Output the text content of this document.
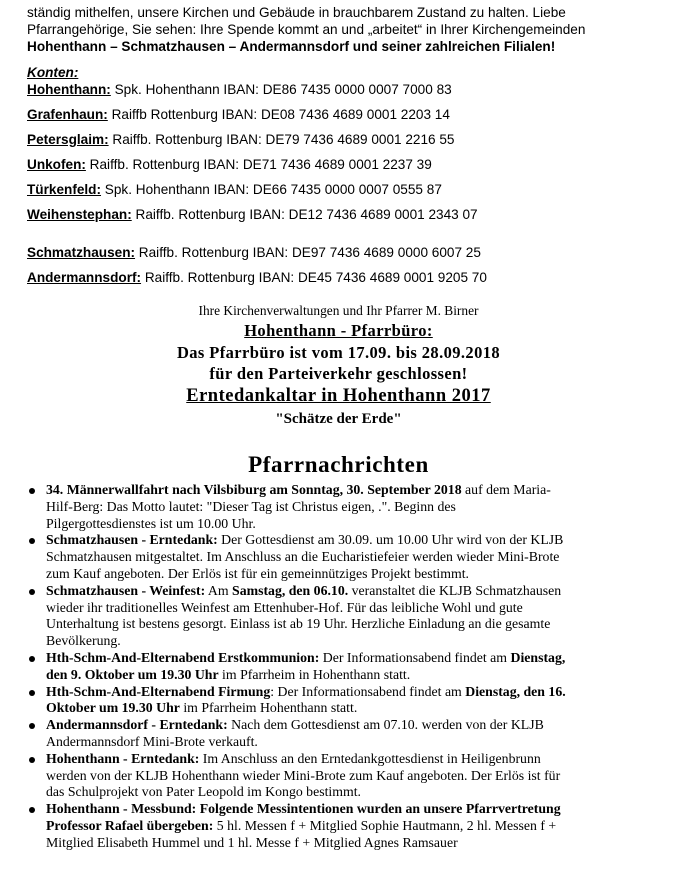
ständig mithelfen, unsere Kirchen und Gebäude in brauchbarem Zustand zu halten. Liebe
Pfarrangehörige, Sie sehen: Ihre Spende kommt an und „arbeitet“ in Ihrer Kirchengemeinden
Hohenthann – Schmatzhausen – Andermannsdorf und seiner zahlreichen Filialen!
Konten:
Hohenthann: Spk. Hohenthann IBAN: DE86 7435 0000 0007 7000 83
Grafenhaun: Raiffb Rottenburg IBAN: DE08 7436 4689 0001 2203 14
Petersglaim: Raiffb. Rottenburg IBAN: DE79 7436 4689 0001 2216 55
Unkofen: Raiffb. Rottenburg IBAN: DE71 7436 4689 0001 2237 39
Türkenfeld: Spk. Hohenthann IBAN: DE66 7435 0000 0007 0555 87
Weihenstephan: Raiffb. Rottenburg IBAN: DE12 7436 4689 0001 2343 07
Schmatzhausen: Raiffb. Rottenburg IBAN: DE97 7436 4689 0000 6007 25
Andermannsdorf: Raiffb. Rottenburg IBAN: DE45 7436 4689 0001 9205 70
Ihre Kirchenverwaltungen und Ihr Pfarrer M. Birner
Hohenthann - Pfarrbüro:
Das Pfarrbüro ist vom 17.09. bis 28.09.2018
für den Parteiverkehr geschlossen!
Erntedankaltar in Hohenthann 2017
"Schätze der Erde"
Pfarrnachrichten
34. Männerwallfahrt nach Vilsbiburg am Sonntag, 30. September 2018 auf dem Maria-
Hilf-Berg: Das Motto lautet: "Dieser Tag ist Christus eigen, .". Beginn des
Pilgergottesdienstes ist um 10.00 Uhr.
Schmatzhausen - Erntedank: Der Gottesdienst am 30.09. um 10.00 Uhr wird von der KLJB
Schmatzhausen mitgestaltet. Im Anschluss an die Eucharistiefeier werden wieder Mini-Brote
zum Kauf angeboten. Der Erlös ist für ein gemeinnütziges Projekt bestimmt.
Schmatzhausen - Weinfest: Am Samstag, den 06.10. veranstaltet die KLJB Schmatzhausen
wieder ihr traditionelles Weinfest am Ettenhuber-Hof. Für das leibliche Wohl und gute
Unterhaltung ist bestens gesorgt. Einlass ist ab 19 Uhr. Herzliche Einladung an die gesamte
Bevölkerung.
Hth-Schm-And-Elternabend Erstkommunion: Der Informationsabend findet am Dienstag,
den 9. Oktober um 19.30 Uhr im Pfarrheim in Hohenthann statt.
Hth-Schm-And-Elternabend Firmung: Der Informationsabend findet am Dienstag, den 16.
Oktober um 19.30 Uhr im Pfarrheim Hohenthann statt.
Andermannsdorf - Erntedank: Nach dem Gottesdienst am 07.10. werden von der KLJB
Andermannsdorf Mini-Brote verkauft.
Hohenthann - Erntedank: Im Anschluss an den Erntedankgottesdienst in Heiligenbrunn
werden von der KLJB Hohenthann wieder Mini-Brote zum Kauf angeboten. Der Erlös ist für
das Schulprojekt von Pater Leopold im Kongo bestimmt.
Hohenthann - Messbund: Folgende Messintentionen wurden an unsere Pfarrvertretung
Professor Rafael übergeben: 5 hl. Messen f + Mitglied Sophie Hautmann, 2 hl. Messen f +
Mitglied Elisabeth Hummel und 1 hl. Messe f + Mitglied Agnes Ramsauer
